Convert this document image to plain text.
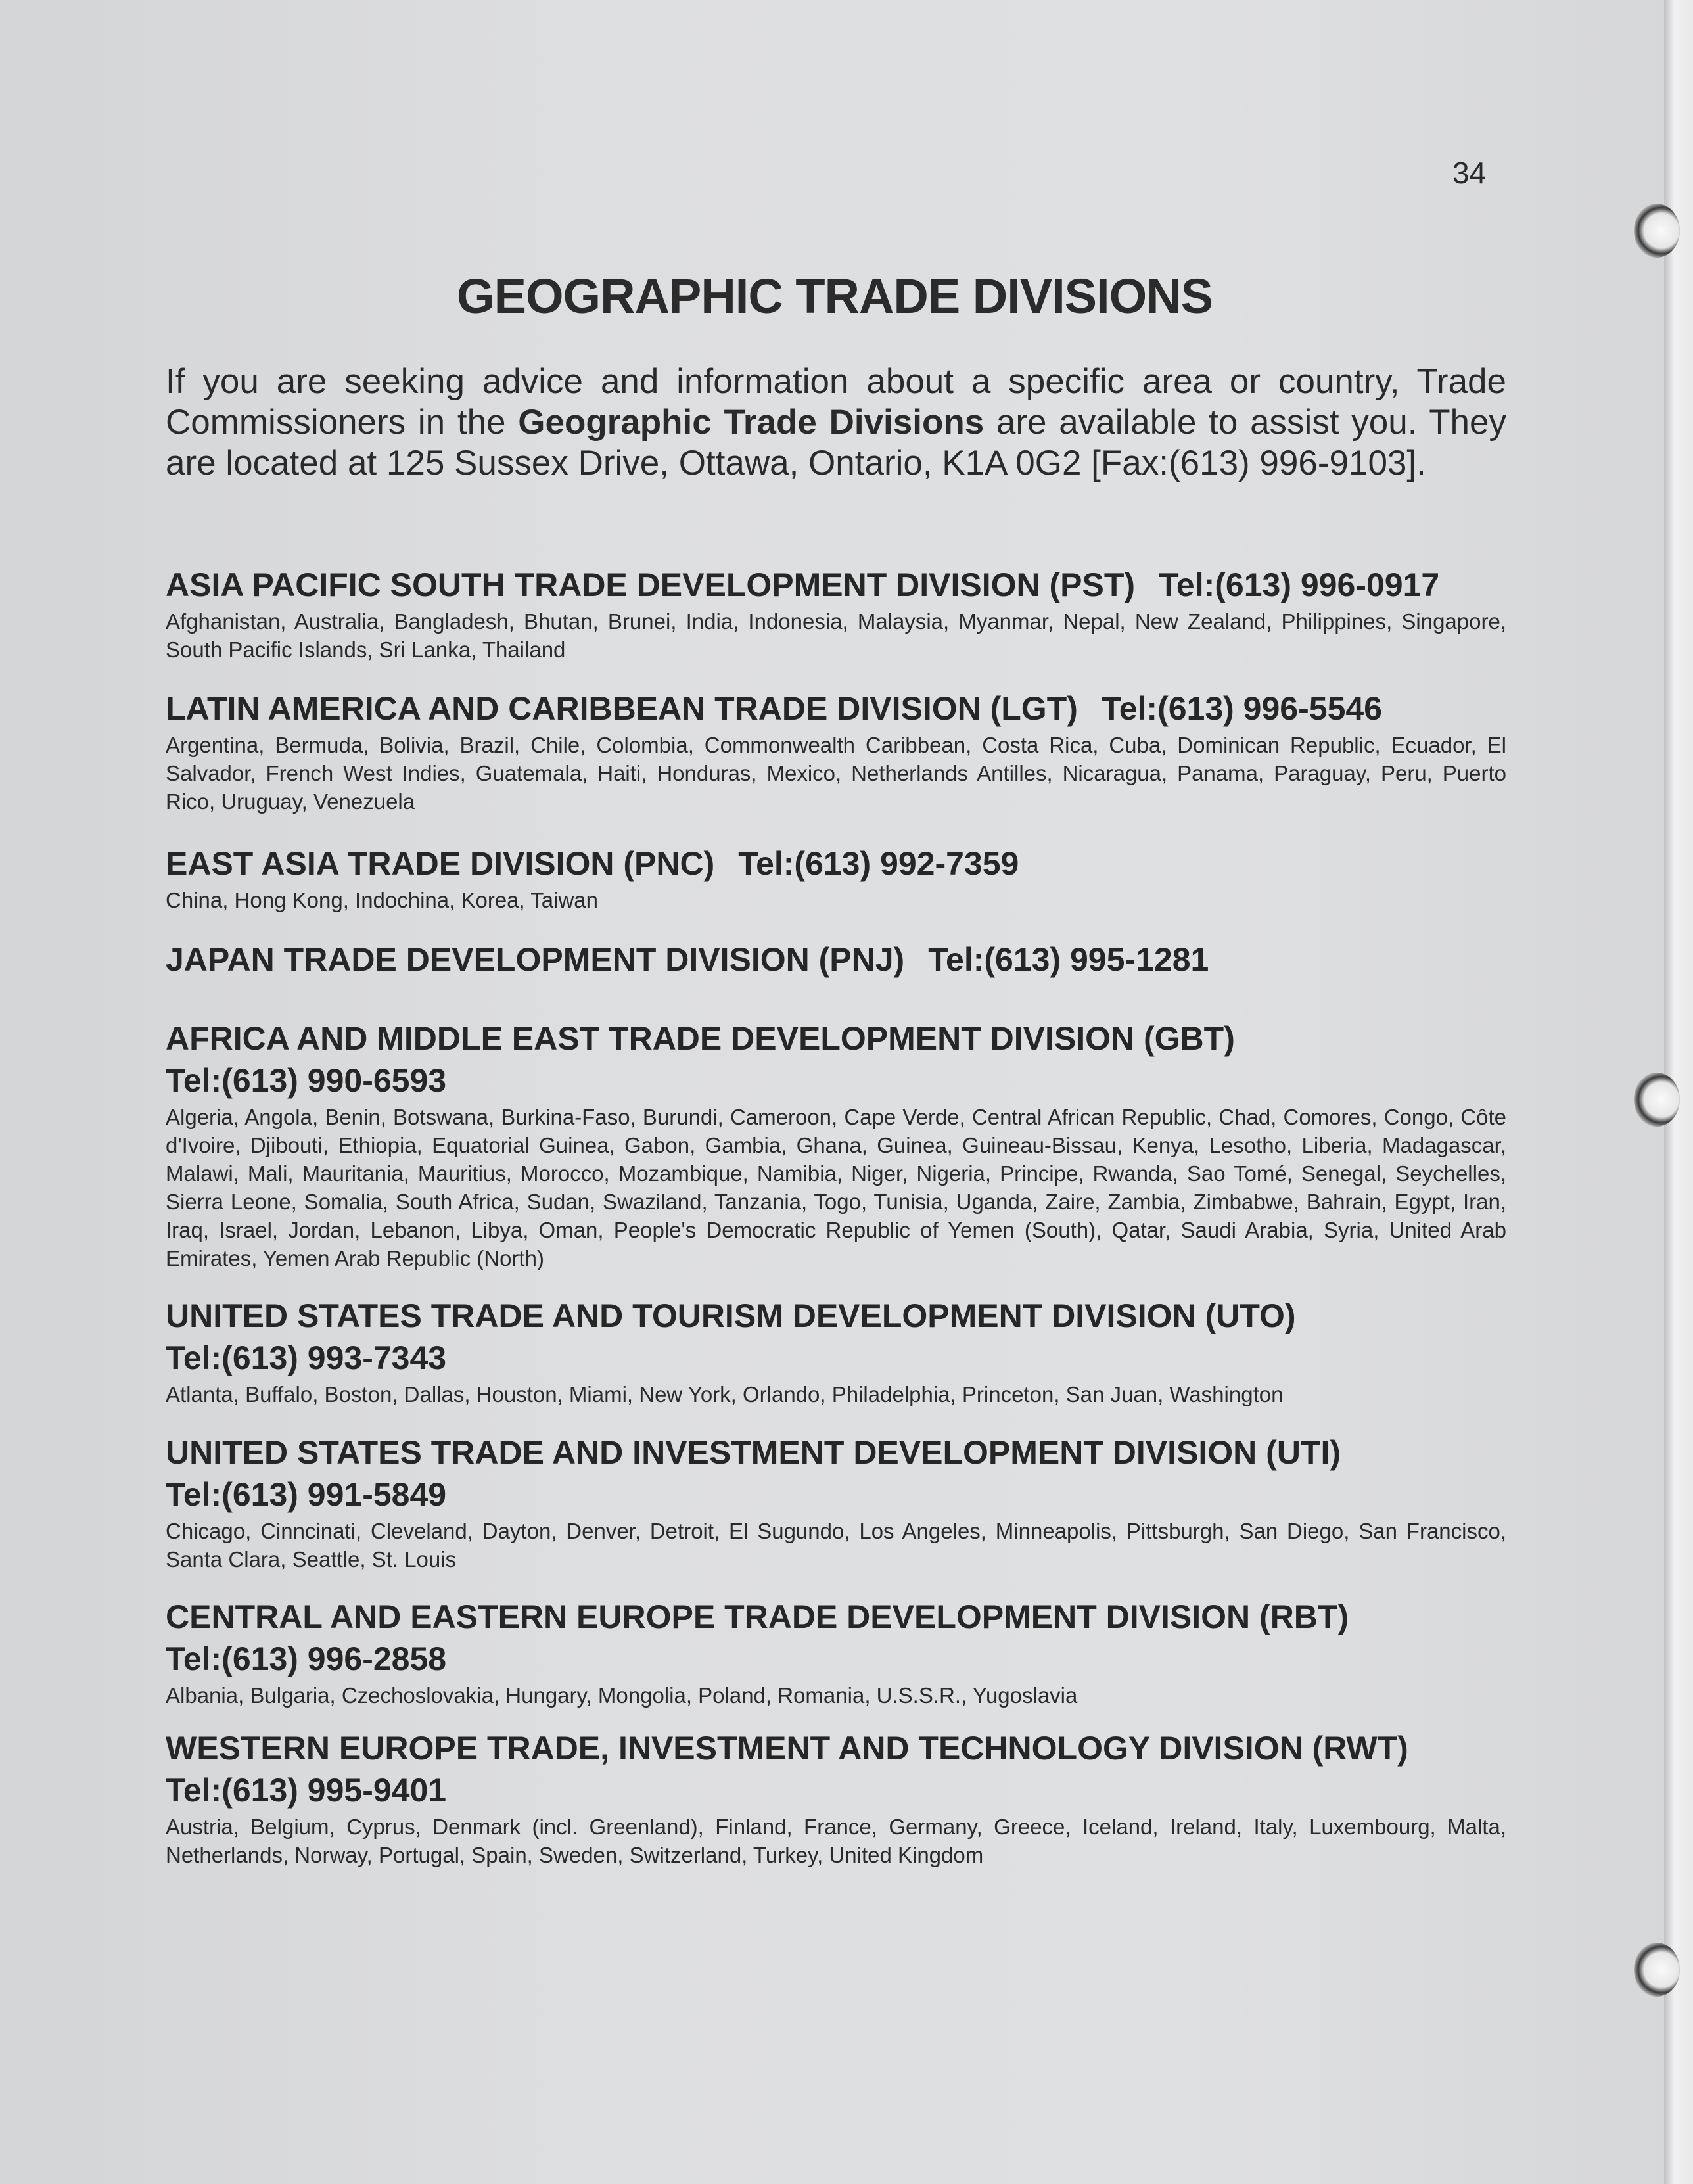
34
GEOGRAPHIC TRADE DIVISIONS
If you are seeking advice and information about a specific area or country, Trade Commissioners in the Geographic Trade Divisions are available to assist you. They are located at 125 Sussex Drive, Ottawa, Ontario, K1A 0G2 [Fax:(613) 996-9103].
ASIA PACIFIC SOUTH TRADE DEVELOPMENT DIVISION (PST) Tel:(613) 996-0917
Afghanistan, Australia, Bangladesh, Bhutan, Brunei, India, Indonesia, Malaysia, Myanmar, Nepal, New Zealand, Philippines, Singapore, South Pacific Islands, Sri Lanka, Thailand
LATIN AMERICA AND CARIBBEAN TRADE DIVISION (LGT) Tel:(613) 996-5546
Argentina, Bermuda, Bolivia, Brazil, Chile, Colombia, Commonwealth Caribbean, Costa Rica, Cuba, Dominican Republic, Ecuador, El Salvador, French West Indies, Guatemala, Haiti, Honduras, Mexico, Netherlands Antilles, Nicaragua, Panama, Paraguay, Peru, Puerto Rico, Uruguay, Venezuela
EAST ASIA TRADE DIVISION (PNC) Tel:(613) 992-7359
China, Hong Kong, Indochina, Korea, Taiwan
JAPAN TRADE DEVELOPMENT DIVISION (PNJ) Tel:(613) 995-1281
AFRICA AND MIDDLE EAST TRADE DEVELOPMENT DIVISION (GBT)
Tel:(613) 990-6593
Algeria, Angola, Benin, Botswana, Burkina-Faso, Burundi, Cameroon, Cape Verde, Central African Republic, Chad, Comores, Congo, Côte d'Ivoire, Djibouti, Ethiopia, Equatorial Guinea, Gabon, Gambia, Ghana, Guinea, Guineau-Bissau, Kenya, Lesotho, Liberia, Madagascar, Malawi, Mali, Mauritania, Mauritius, Morocco, Mozambique, Namibia, Niger, Nigeria, Principe, Rwanda, Sao Tomé, Senegal, Seychelles, Sierra Leone, Somalia, South Africa, Sudan, Swaziland, Tanzania, Togo, Tunisia, Uganda, Zaire, Zambia, Zimbabwe, Bahrain, Egypt, Iran, Iraq, Israel, Jordan, Lebanon, Libya, Oman, People's Democratic Republic of Yemen (South), Qatar, Saudi Arabia, Syria, United Arab Emirates, Yemen Arab Republic (North)
UNITED STATES TRADE AND TOURISM DEVELOPMENT DIVISION (UTO)
Tel:(613) 993-7343
Atlanta, Buffalo, Boston, Dallas, Houston, Miami, New York, Orlando, Philadelphia, Princeton, San Juan, Washington
UNITED STATES TRADE AND INVESTMENT DEVELOPMENT DIVISION (UTI)
Tel:(613) 991-5849
Chicago, Cinncinati, Cleveland, Dayton, Denver, Detroit, El Sugundo, Los Angeles, Minneapolis, Pittsburgh, San Diego, San Francisco, Santa Clara, Seattle, St. Louis
CENTRAL AND EASTERN EUROPE TRADE DEVELOPMENT DIVISION (RBT)
Tel:(613) 996-2858
Albania, Bulgaria, Czechoslovakia, Hungary, Mongolia, Poland, Romania, U.S.S.R., Yugoslavia
WESTERN EUROPE TRADE, INVESTMENT AND TECHNOLOGY DIVISION (RWT)
Tel:(613) 995-9401
Austria, Belgium, Cyprus, Denmark (incl. Greenland), Finland, France, Germany, Greece, Iceland, Ireland, Italy, Luxembourg, Malta, Netherlands, Norway, Portugal, Spain, Sweden, Switzerland, Turkey, United Kingdom
